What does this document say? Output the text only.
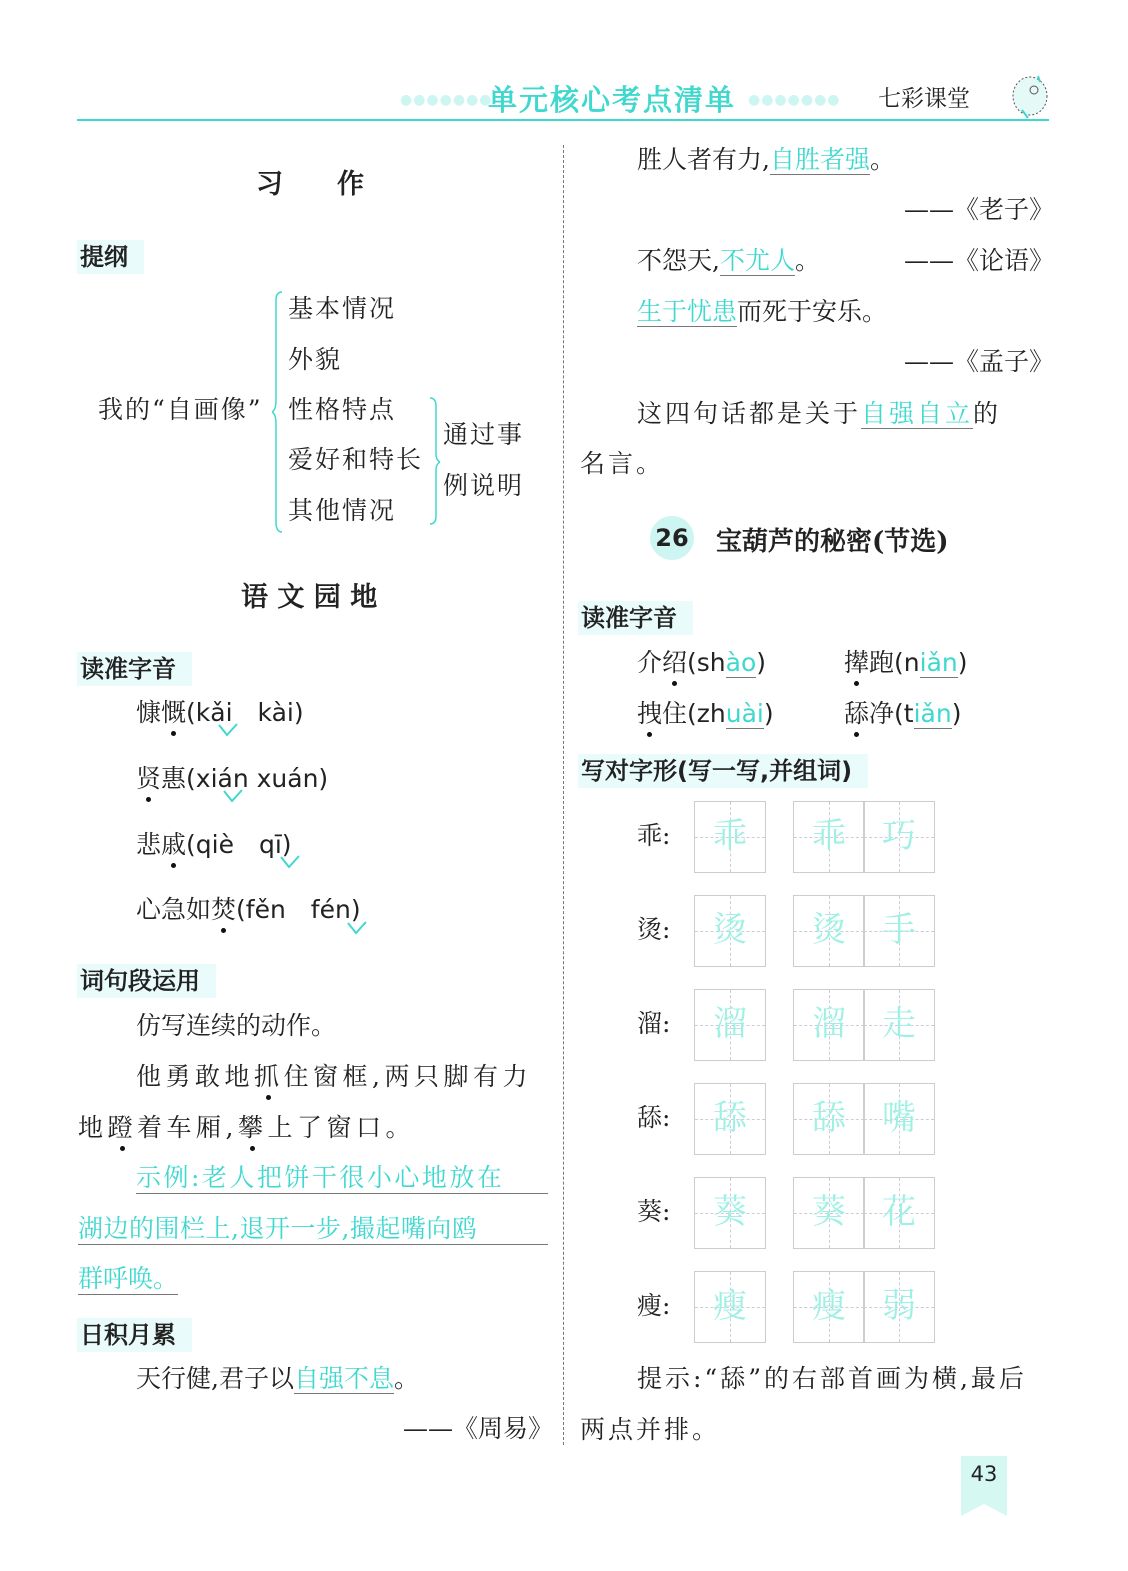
●●●●●●●
单元核心考点清单 ●●●●●●● 七彩课堂
习　　作
提纲
我的“自画像”
基本情况
外貌
性格特点
爱好和特长
其他情况
通过事
例说明
语 文 园 地
读准字音
慷慨(kǎi　kài)
贤惠(xián xuán)
悲戚(qiè　qī)
心急如焚(fěn　fén)
词句段运用
仿写连续的动作。
他勇敢地抓住窗框,两只脚有力
地蹬着车厢,攀上了窗口。
示例:老人把饼干很小心地放在
湖边的围栏上,退开一步,撮起嘴向鸥
群呼唤。
日积月累
天行健,君子以自强不息。
——《周易》
胜人者有力,自胜者强。
——《老子》
不怨天,不尤人。	——《论语》
生于忧患而死于安乐。
——《孟子》
这四句话都是关于自强自立的
名言。
26 宝葫芦的秘密(节选)
读准字音
介绍(shào)	撵跑(niǎn)
拽住(zhuài)	舔净(tiǎn)
写对字形(写一写,并组词)
乖:	乖	乖	巧
烫:	烫	烫	手
溜:	溜	溜	走
舔:	舔	舔	嘴
葵:	葵	葵	花
瘦:	瘦	瘦	弱
提示:“舔”的右部首画为横,最后
两点并排。
43
